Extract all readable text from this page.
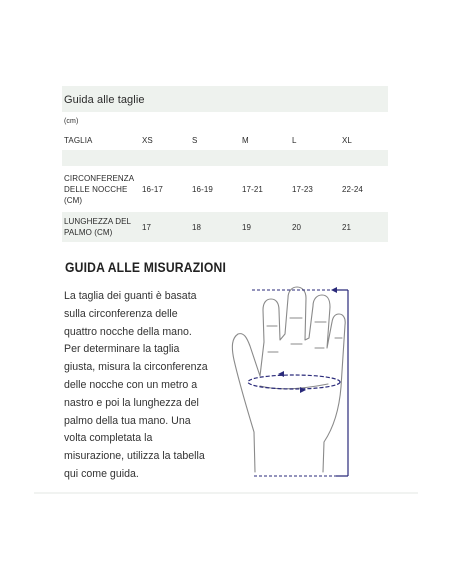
Guida alle taglie					
(cm)					
TAGLIA	XS	S	M	L	XL

CIRCONFERENZA
DELLE NOCCHE
(CM)	16-17	16-19	17-21	17-23	22-24

LUNGHEZZA DEL
PALMO (CM)	17	18	19	20	21
GUIDA ALLE MISURAZIONI

La taglia dei guanti è basata
sulla circonferenza delle
quattro nocche della mano.
Per determinare la taglia
giusta, misura la circonferenza
delle nocche con un metro a
nastro e poi la lunghezza del
palmo della tua mano. Una
volta completata la
misurazione, utilizza la tabella
qui come guida.
